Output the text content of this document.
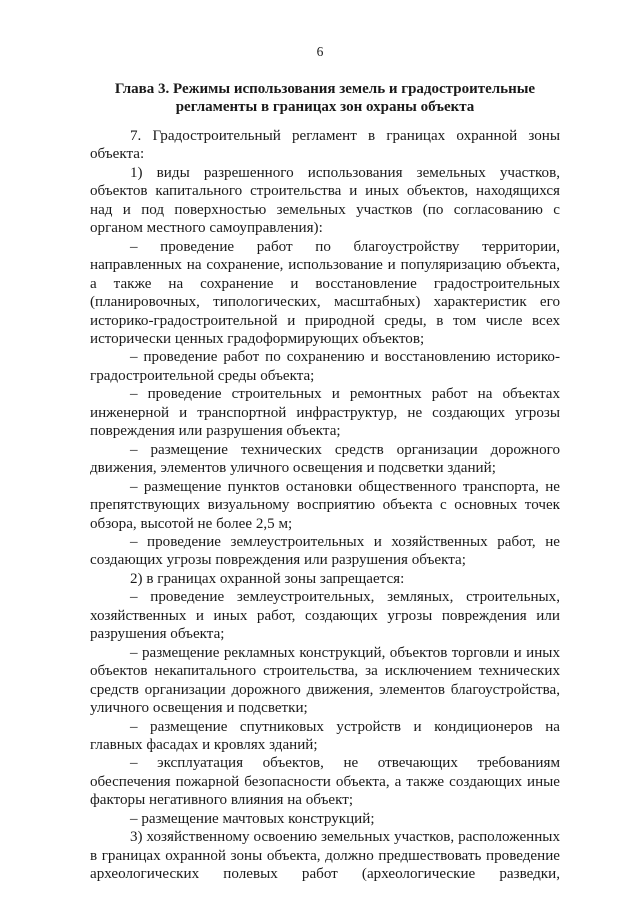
6
Глава 3. Режимы использования земель и градостроительные регламенты в границах зон охраны объекта

7. Градостроительный регламент в границах охранной зоны объекта:

1) виды разрешенного использования земельных участков, объектов капитального строительства и иных объектов, находящихся над и под поверхностью земельных участков (по согласованию с органом местного самоуправления):

– проведение работ по благоустройству территории, направленных на сохранение, использование и популяризацию объекта, а также на сохранение и восстановление градостроительных (планировочных, типологических, масштабных) характеристик его историко-градостроительной и природной среды, в том числе всех исторически ценных градоформирующих объектов;

– проведение работ по сохранению и восстановлению историко-градостроительной среды объекта;

– проведение строительных и ремонтных работ на объектах инженерной и транспортной инфраструктур, не создающих угрозы повреждения или разрушения объекта;

– размещение технических средств организации дорожного движения, элементов уличного освещения и подсветки зданий;

– размещение пунктов остановки общественного транспорта, не препятствующих визуальному восприятию объекта с основных точек обзора, высотой не более 2,5 м;

– проведение землеустроительных и хозяйственных работ, не создающих угрозы повреждения или разрушения объекта;

2) в границах охранной зоны запрещается:

– проведение землеустроительных, земляных, строительных, хозяйственных и иных работ, создающих угрозы повреждения или разрушения объекта;

– размещение рекламных конструкций, объектов торговли и иных объектов некапитального строительства, за исключением технических средств организации дорожного движения, элементов благоустройства, уличного освещения и подсветки;

– размещение спутниковых устройств и кондиционеров на главных фасадах и кровлях зданий;

– эксплуатация объектов, не отвечающих требованиям обеспечения пожарной безопасности объекта, а также создающих иные факторы негативного влияния на объект;

– размещение мачтовых конструкций;

3) хозяйственному освоению земельных участков, расположенных в границах охранной зоны объекта, должно предшествовать проведение археологических полевых работ (археологические разведки,
